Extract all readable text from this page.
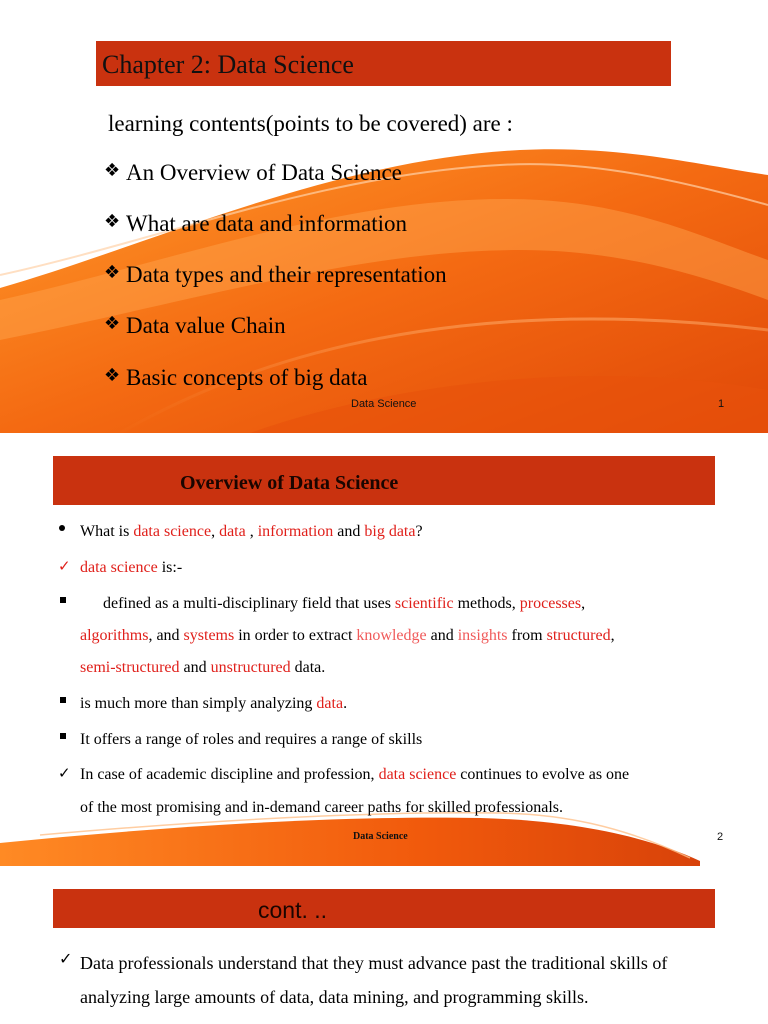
Chapter 2: Data Science
learning contents(points to be covered) are :
❖ An Overview of Data Science
❖ What are data and information
❖ Data types and their representation
❖ Data value Chain
❖ Basic concepts of big data
Data Science	1
Overview of Data Science
What is data science, data , information and big data?
✓ data science is:-
defined as a multi-disciplinary field that uses scientific methods, processes,
algorithms, and systems in order to extract knowledge and insights from structured,
semi-structured and unstructured data.
is much more than simply analyzing data.
It offers a range of roles and requires a range of skills
✓ In case of academic discipline and profession, data science continues to evolve as one
of the most promising and in-demand career paths for skilled professionals.
Data Science	2
cont. ..
✓ Data professionals understand that they must advance past the traditional skills of
analyzing large amounts of data, data mining, and programming skills.
